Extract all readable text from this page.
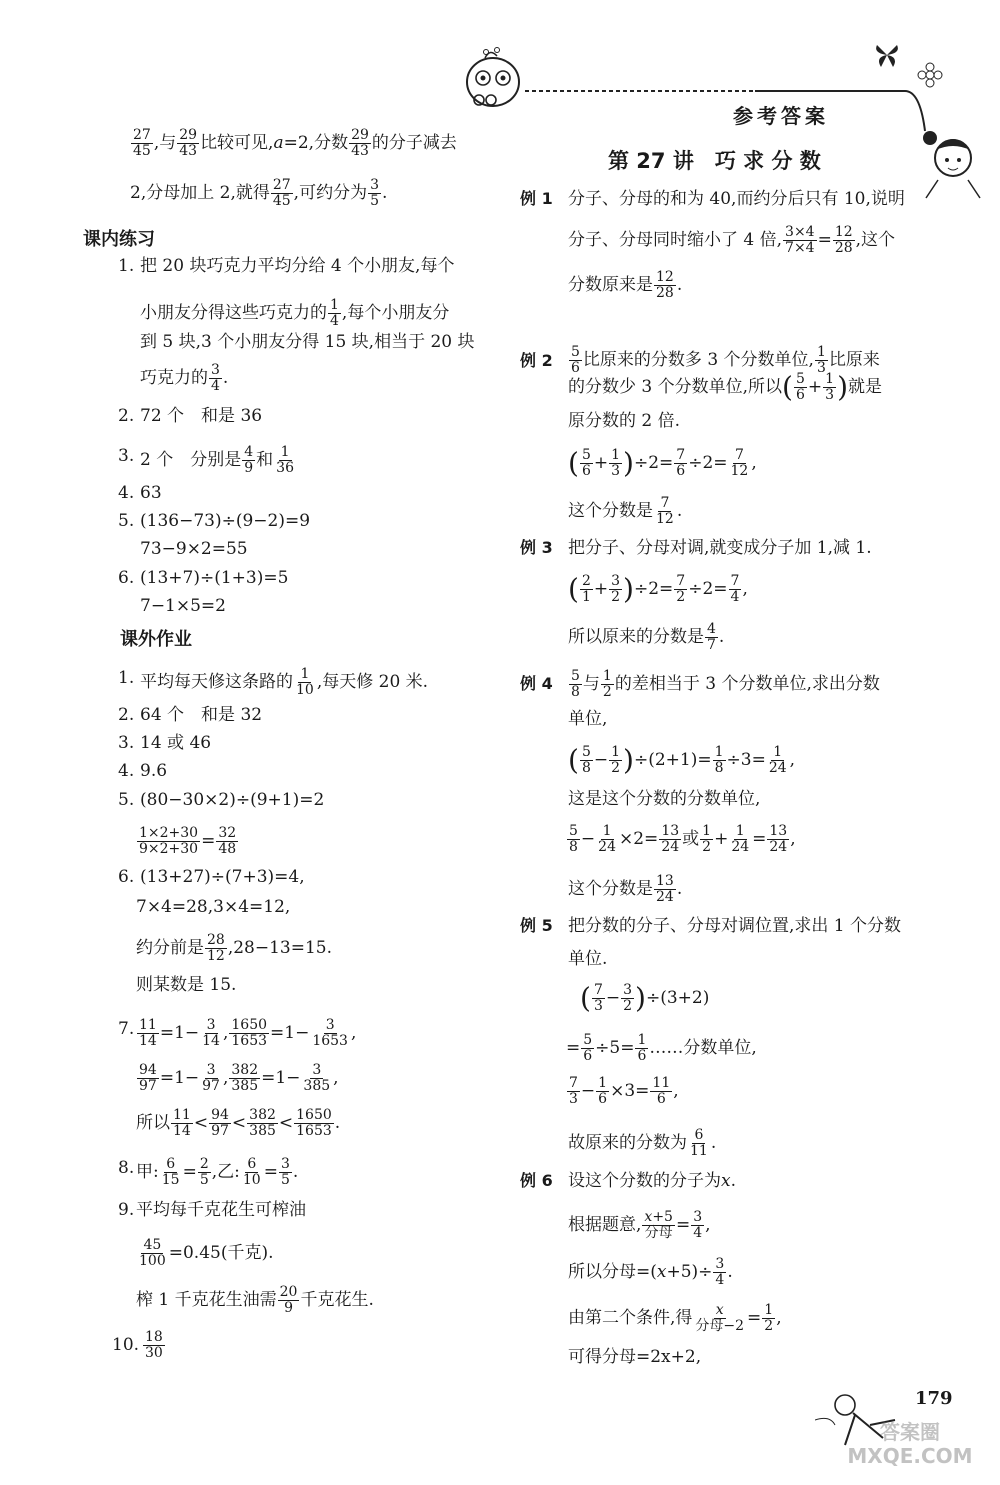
参考答案
$\frac{27}{45}$ ,与 $\frac{29}{43}$ 比较可见,a=2,分数 $\frac{29}{43}$ 的分子减去
2,分母加上 2,就得 $\frac{27}{45}$ ,可约分为 $\frac{3}{5}$ .
课内练习
1. 把 20 块巧克力平均分给 4 个小朋友,每个
小朋友分得这些巧克力的 $\frac{1}{4}$ ,每个小朋友分
到 5 块,3 个小朋友分得 15 块,相当于 20 块
巧克力的 $\frac{3}{4}$ .
2. 72 个　和是 36
3. 2 个　分别是 $\frac{4}{9}$ 和 $\frac{1}{36}$
4. 63
5. (136−73)÷(9−2)=9
73−9×2=55
6. (13+7)÷(1+3)=5
7−1×5=2
课外作业
1. 平均每天修这条路的 $\frac{1}{10}$ ,每天修 20 米.
2. 64 个　和是 32
3. 14 或 46
4. 9.6
5. (80−30×2)÷(9+1)=2
$\frac{1\times 2+30}{9\times 2+30} = \frac{32}{48}$
6. (13+27)÷(7+3)=4,
7×4=28,3×4=12,
约分前是 $\frac{28}{12} ,28-13=15$.
则某数是 15.
7. $\frac{11}{14} =1- \frac{3}{14}$ , $\frac{1650}{1653} =1- \frac{3}{1653}$ ,
$\frac{94}{97} =1- \frac{3}{97}$ , $\frac{382}{385} =1- \frac{3}{385}$ ,
所以 $\frac{11}{14} < \frac{94}{97} < \frac{382}{385} < \frac{1650}{1653}$ .
8. 甲: $\frac{6}{15} = \frac{2}{5}$ ,乙: $\frac{6}{10} = \frac{3}{5}$ .
9. 平均每千克花生可榨油
$\frac{45}{100} =0.45$(千克).
榨 1 千克花生油需 $\frac{20}{9}$ 千克花生.
10. $\frac{18}{30}$
第 27 讲　巧 求 分 数
例 1 分子、分母的和为 40,而约分后只有 10,说明
分子、分母同时缩小了 4 倍, $\frac{3\times 4}{7\times 4} = \frac{12}{28}$ ,这个
分数原来是 $\frac{12}{28}$ .
例 $2 \frac{5}{6}$ 比原来的分数多 3 个分数单位, $\frac{1}{3}$ 比原来
的分数少 3 个分数单位,所以( $\frac{5}{6} + \frac{1}{3}$ )就是
原分数的 2 倍.
( $\frac{5}{6} + \frac{1}{3} )\div 2= \frac{7}{6} \div 2= \frac{7}{12}$ ,
这个分数是 $\frac{7}{12}$ .
例 3 把分子、分母对调,就变成分子加 1,减 1.
( $\frac{2}{1} + \frac{3}{2} )\div 2= \frac{7}{2} \div 2= \frac{7}{4}$ ,
所以原来的分数是 $\frac{4}{7}$ .
例 $4 \frac{5}{8}$ 与 $\frac{1}{2}$ 的差相当于 3 个分数单位,求出分数
单位,
( $\frac{5}{8} - \frac{1}{2} )\div(2+1)= \frac{1}{8} \div 3= \frac{1}{24}$ ,
这是这个分数的分数单位,
$\frac{5}{8} - \frac{1}{24} \times 2= \frac{13}{24}$ 或 $\frac{1}{2} + \frac{1}{24} = \frac{13}{24}$ ,
这个分数是 $\frac{13}{24}$ .
例 5 把分数的分子、分母对调位置,求出 1 个分数
单位.
( $\frac{7}{3} - \frac{3}{2} )\div(3+2)$
= $\frac{5}{6} \div 5= \frac{1}{6}$ ……分数单位,
$\frac{7}{3} - \frac{1}{6} \times 3= \frac{11}{6}$ ,
故原来的分数为 $\frac{6}{11}$ .
例 6 设这个分数的分子为x.
根据题意, x+5
分母 = $\frac{3}{4}$ ,
所以分母$=(x+5)\div \frac{3}{4}$ .
由第二个条件,得 x
分母$-2 = \frac{1}{2}$ ,
可得分母=2x+2,
179
答案圈 MXQE.COM
